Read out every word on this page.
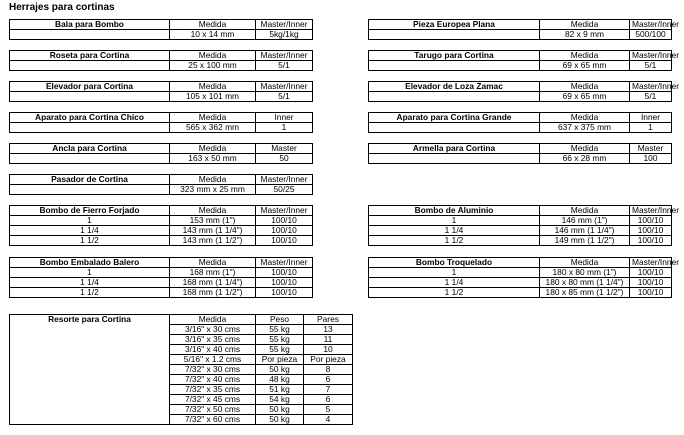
Herrajes para cortinas
Bala para Bombo	Medida	Master/Inner
	10 x 14 mm	5kg/1kg
Pieza Europea Plana	Medida	Master/Inner
	82 x 9 mm	500/100
Roseta para Cortina	Medida	Master/Inner
	25 x 100 mm	5/1
Tarugo para Cortina	Medida	Master/Inner
	69 x 65 mm	5/1
Elevador para Cortina	Medida	Master/Inner
	105 x 101 mm	5/1
Elevador de Loza Zamac	Medida	Master/Inner
	69 x 65 mm	5/1
Aparato para Cortina Chico	Medida	Inner
	565 x 362 mm	1
Aparato para Cortina Grande	Medida	Inner
	637 x 375 mm	1
Ancla para Cortina	Medida	Master
	163 x 50 mm	50
Armella para Cortina	Medida	Master
	66 x 28 mm	100
Pasador de Cortina	Medida	Master/Inner
	323 mm x 25 mm	50/25
Bombo de Fierro Forjado	Medida	Master/Inner
1	153 mm (1")	100/10
1 1/4	143 mm (1 1/4")	100/10
1 1/2	143 mm (1 1/2")	100/10
Bombo de Aluminio	Medida	Master/Inner
1	146 mm (1")	100/10
1 1/4	146 mm (1 1/4")	100/10
1 1/2	149 mm (1 1/2")	100/10
Bombo Embalado Balero	Medida	Master/Inner
1	168 mm (1")	100/10
1 1/4	168 mm (1 1/4")	100/10
1 1/2	168 mm (1 1/2")	100/10
Bombo Troquelado	Medida	Master/Inner
1	180 x 80 mm (1")	100/10
1 1/4	180 x 80 mm (1 1/4")	100/10
1 1/2	180 x 85 mm (1 1/2")	100/10
Resorte para Cortina	Medida	Peso	Pares
	3/16" x 30 cms	55 kg	13
	3/16" x 35 cms	55 kg	11
	3/16" x 40 cms	55 kg	10
	5/16" x 1.2 cms	Por pieza	Por pieza
	7/32" x 30 cms	50 kg	8
	7/32" x 40 cms	48 kg	6
	7/32" x 35 cms	51 kg	7
	7/32" x 45 cms	54 kg	6
	7/32" x 50 cms	50 kg	5
	7/32" x 60 cms	50 kg	4
